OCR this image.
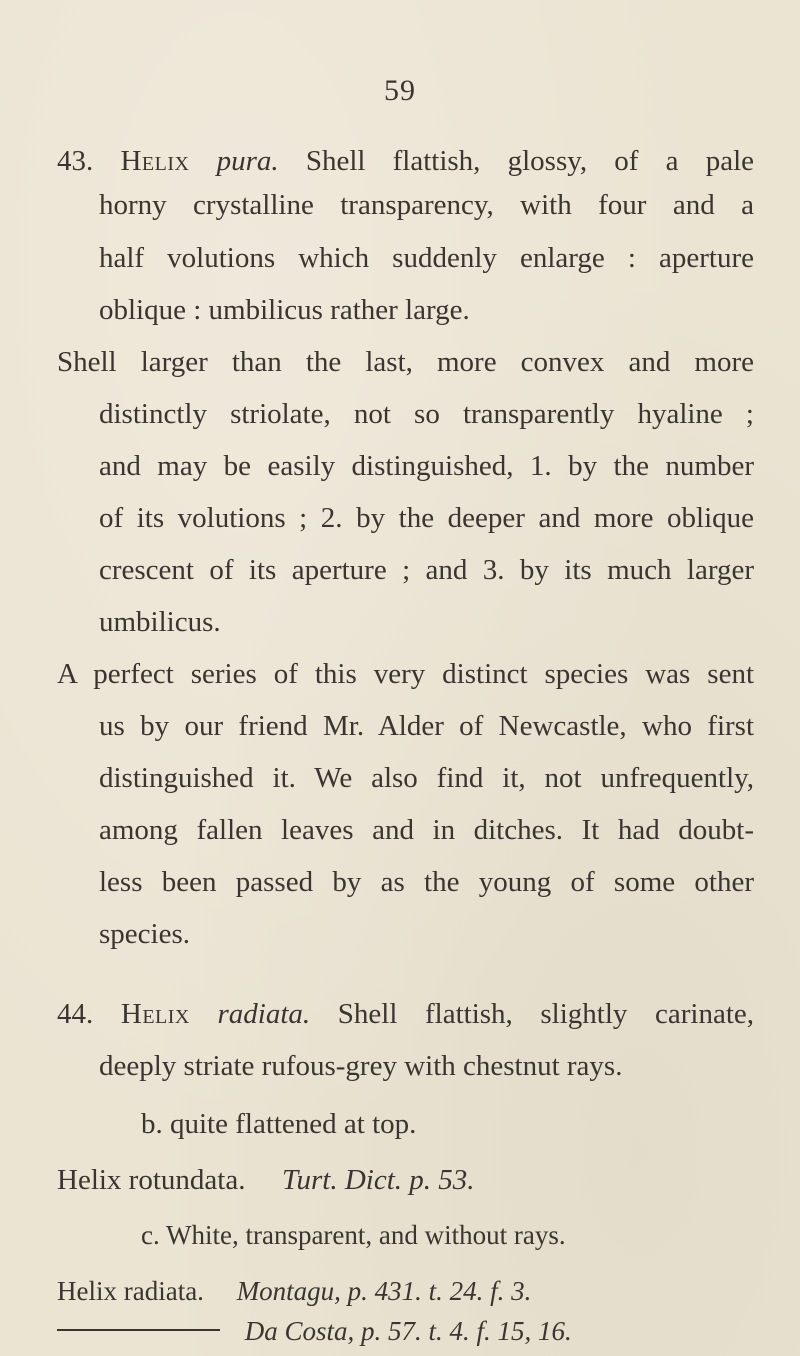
59
43. Helix pura. Shell flattish, glossy, of a pale
horny crystalline transparency, with four and a
half volutions which suddenly enlarge : aperture
oblique : umbilicus rather large.
Shell larger than the last, more convex and more
distinctly striolate, not so transparently hyaline ;
and may be easily distinguished, 1. by the number
of its volutions ; 2. by the deeper and more oblique
crescent of its aperture ; and 3. by its much larger
umbilicus.
A perfect series of this very distinct species was sent
us by our friend Mr. Alder of Newcastle, who first
distinguished it. We also find it, not unfrequently,
among fallen leaves and in ditches. It had doubt-
less been passed by as the young of some other
species.
44. Helix radiata. Shell flattish, slightly carinate,
deeply striate rufous-grey with chestnut rays.
b. quite flattened at top.
Helix rotundata. Turt. Dict. p. 53.
c. White, transparent, and without rays.
Helix radiata. Montagu, p. 431. t. 24. f. 3.
Da Costa, p. 57. t. 4. f. 15, 16.
